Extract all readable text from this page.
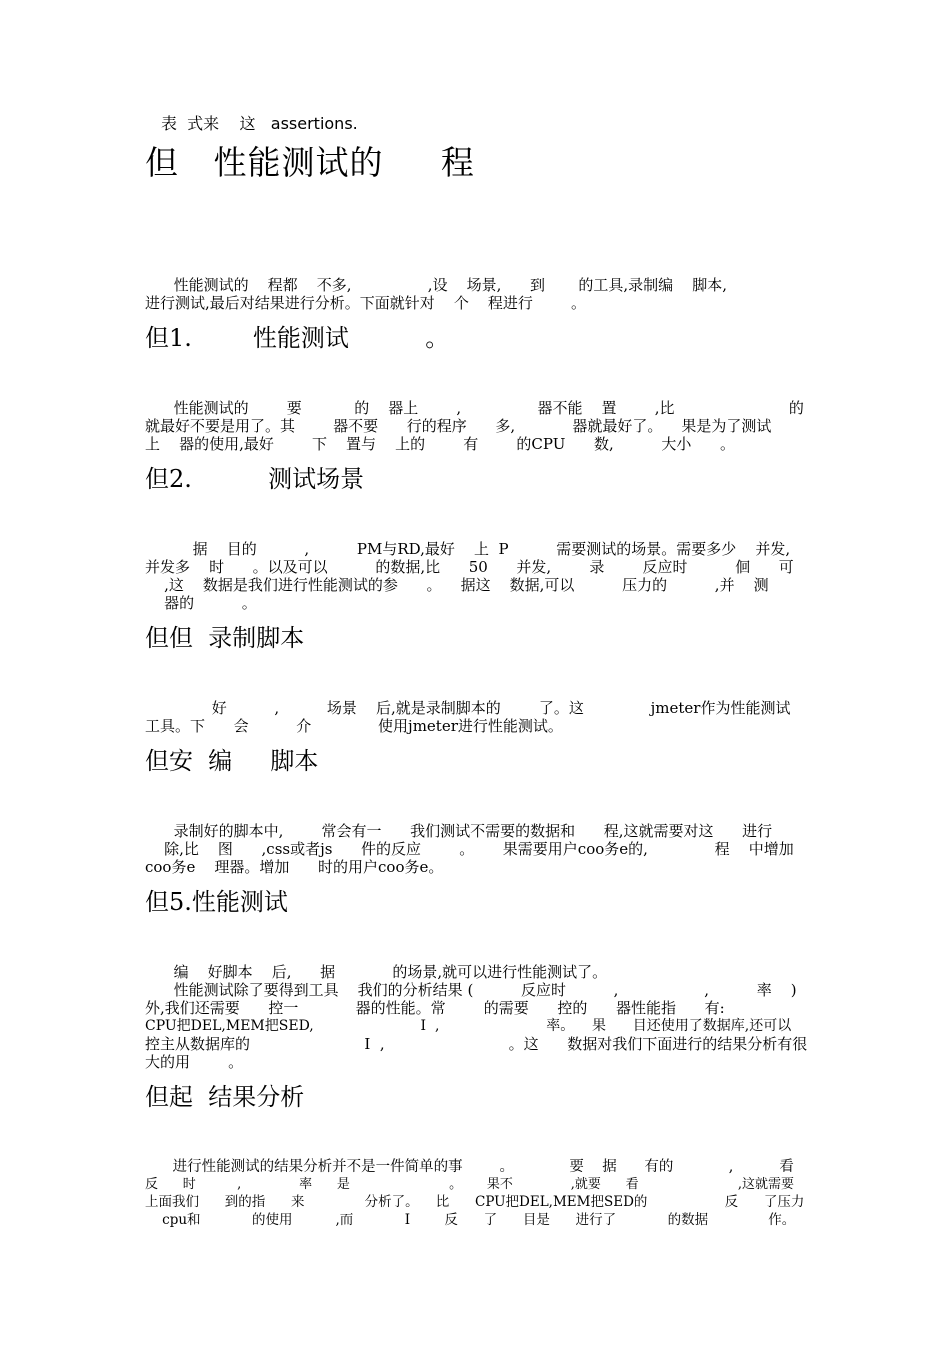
表  式来    这   assertions.
但   性能测试的     程
性能测试的    程都    不多,                ,设    场景,      到       的工具,录制编    脚本,
进行测试,最后对结果进行分析。下面就针对    个    程进行        。
但1.        性能测试          。
性能测试的        要           的    器上        ,                器不能    置        ,比                        的
就最好不要是用了。其        器不要      行的程序      多,            器就最好了。    果是为了测试
上    器的使用,最好        下    置与    上的        有        的CPU      数,          大小      。
但2.          测试场景
据    目的          ,          PM与RD,最好    上  P          需要测试的场景。需要多少    并发,
并发多    时      。以及可以          的数据,比      50      并发,        录        反应时          佪      可
,这    数据是我们进行性能测试的参      。    据这    数据,可以          压力的          ,并    测
器的          。
但但  录制脚本
好          ,          场景    后,就是录制脚本的        了。这              jmeter作为性能测试
工具。下      会          介              使用jmeter进行性能测试。
但安  编     脚本
录制好的脚本中,        常会有一      我们测试不需要的数据和      程,这就需要对这      进行
除,比    图      ,css或者js      件的反应        。      果需要用户coo务e的,              程    中增加
coo务e    理器。增加      时的用户coo务e。
但5.性能测试
编    好脚本    后,      据            的场景,就可以进行性能测试了。
性能测试除了要得到工具    我们的分析结果 (          反应时          ,                  ,          率    )
外,我们还需要      控一            器的性能。常        的需要      控的      器性能指      有:
CPU把DEL,MEM把SED,                        I  ,                        率。    果      目还使用了数据库,还可以
控主从数据库的                        I  ,                          。这      数据对我们下面进行的结果分析有很
大的用        。
但起  结果分析
进行性能测试的结果分析并不是一件简单的事        。            要    据      有的            ,          看
反      时          ,              率      是                        。      果不              ,就要      看                        ,这就需要
上面我们      到的指      来              分析了。    比      CPU把DEL,MEM把SED的                  反      了压力
cpu和            的使用          ,而            I        反      了      目是      进行了            的数据              作。
